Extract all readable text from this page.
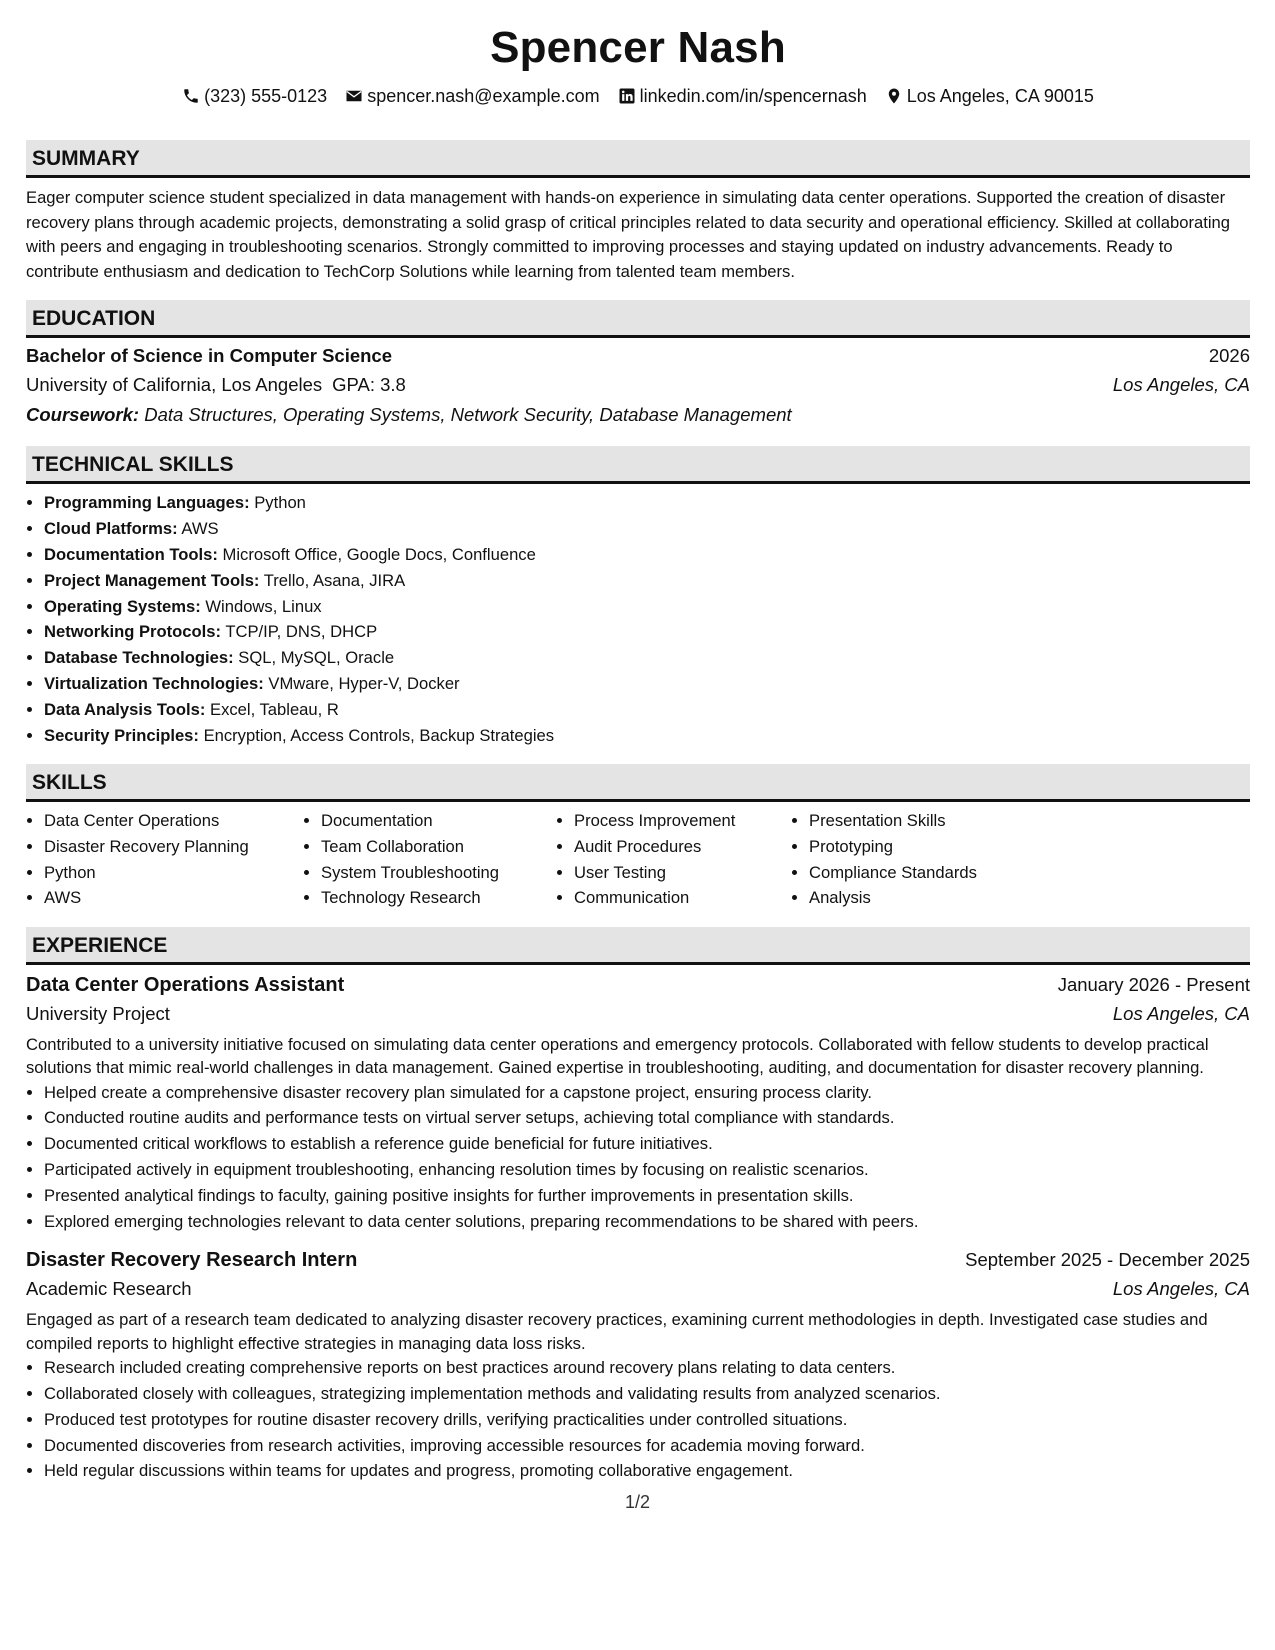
Spencer Nash
(323) 555-0123 spencer.nash@example.com linkedin.com/in/spencernash Los Angeles, CA 90015
SUMMARY

Eager computer science student specialized in data management with hands-on experience in simulating data center operations. Supported the creation of disaster recovery plans through academic projects, demonstrating a solid grasp of critical principles related to data security and operational efficiency. Skilled at collaborating with peers and engaging in troubleshooting scenarios. Strongly committed to improving processes and staying updated on industry advancements. Ready to contribute enthusiasm and dedication to TechCorp Solutions while learning from talented team members.

EDUCATION
Bachelor of Science in Computer Science	2026
University of California, Los Angeles GPA: 3.8	Los Angeles, CA
Coursework: Data Structures, Operating Systems, Network Security, Database Management
TECHNICAL SKILLS
• Programming Languages: Python
• Cloud Platforms: AWS
• Documentation Tools: Microsoft Office, Google Docs, Confluence
• Project Management Tools: Trello, Asana, JIRA
• Operating Systems: Windows, Linux
• Networking Protocols: TCP/IP, DNS, DHCP
• Database Technologies: SQL, MySQL, Oracle
• Virtualization Technologies: VMware, Hyper-V, Docker
• Data Analysis Tools: Excel, Tableau, R
• Security Principles: Encryption, Access Controls, Backup Strategies
SKILLS
• Data Center Operations
• Disaster Recovery Planning
• Python
• AWS
• Documentation
• Team Collaboration
• System Troubleshooting
• Technology Research
• Process Improvement
• Audit Procedures
• User Testing
• Communication
• Presentation Skills
• Prototyping
• Compliance Standards
• Analysis
EXPERIENCE
Data Center Operations Assistant	January 2026 - Present
University Project	Los Angeles, CA

Contributed to a university initiative focused on simulating data center operations and emergency protocols. Collaborated with fellow students to develop practical solutions that mimic real-world challenges in data management. Gained expertise in troubleshooting, auditing, and documentation for disaster recovery planning.

• Helped create a comprehensive disaster recovery plan simulated for a capstone project, ensuring process clarity.
• Conducted routine audits and performance tests on virtual server setups, achieving total compliance with standards.
• Documented critical workflows to establish a reference guide beneficial for future initiatives.
• Participated actively in equipment troubleshooting, enhancing resolution times by focusing on realistic scenarios.
• Presented analytical findings to faculty, gaining positive insights for further improvements in presentation skills.
• Explored emerging technologies relevant to data center solutions, preparing recommendations to be shared with peers.
Disaster Recovery Research Intern	September 2025 - December 2025
Academic Research	Los Angeles, CA

Engaged as part of a research team dedicated to analyzing disaster recovery practices, examining current methodologies in depth. Investigated case studies and compiled reports to highlight effective strategies in managing data loss risks.

• Research included creating comprehensive reports on best practices around recovery plans relating to data centers.
• Collaborated closely with colleagues, strategizing implementation methods and validating results from analyzed scenarios.
• Produced test prototypes for routine disaster recovery drills, verifying practicalities under controlled situations.
• Documented discoveries from research activities, improving accessible resources for academia moving forward.
• Held regular discussions within teams for updates and progress, promoting collaborative engagement.
1/2
